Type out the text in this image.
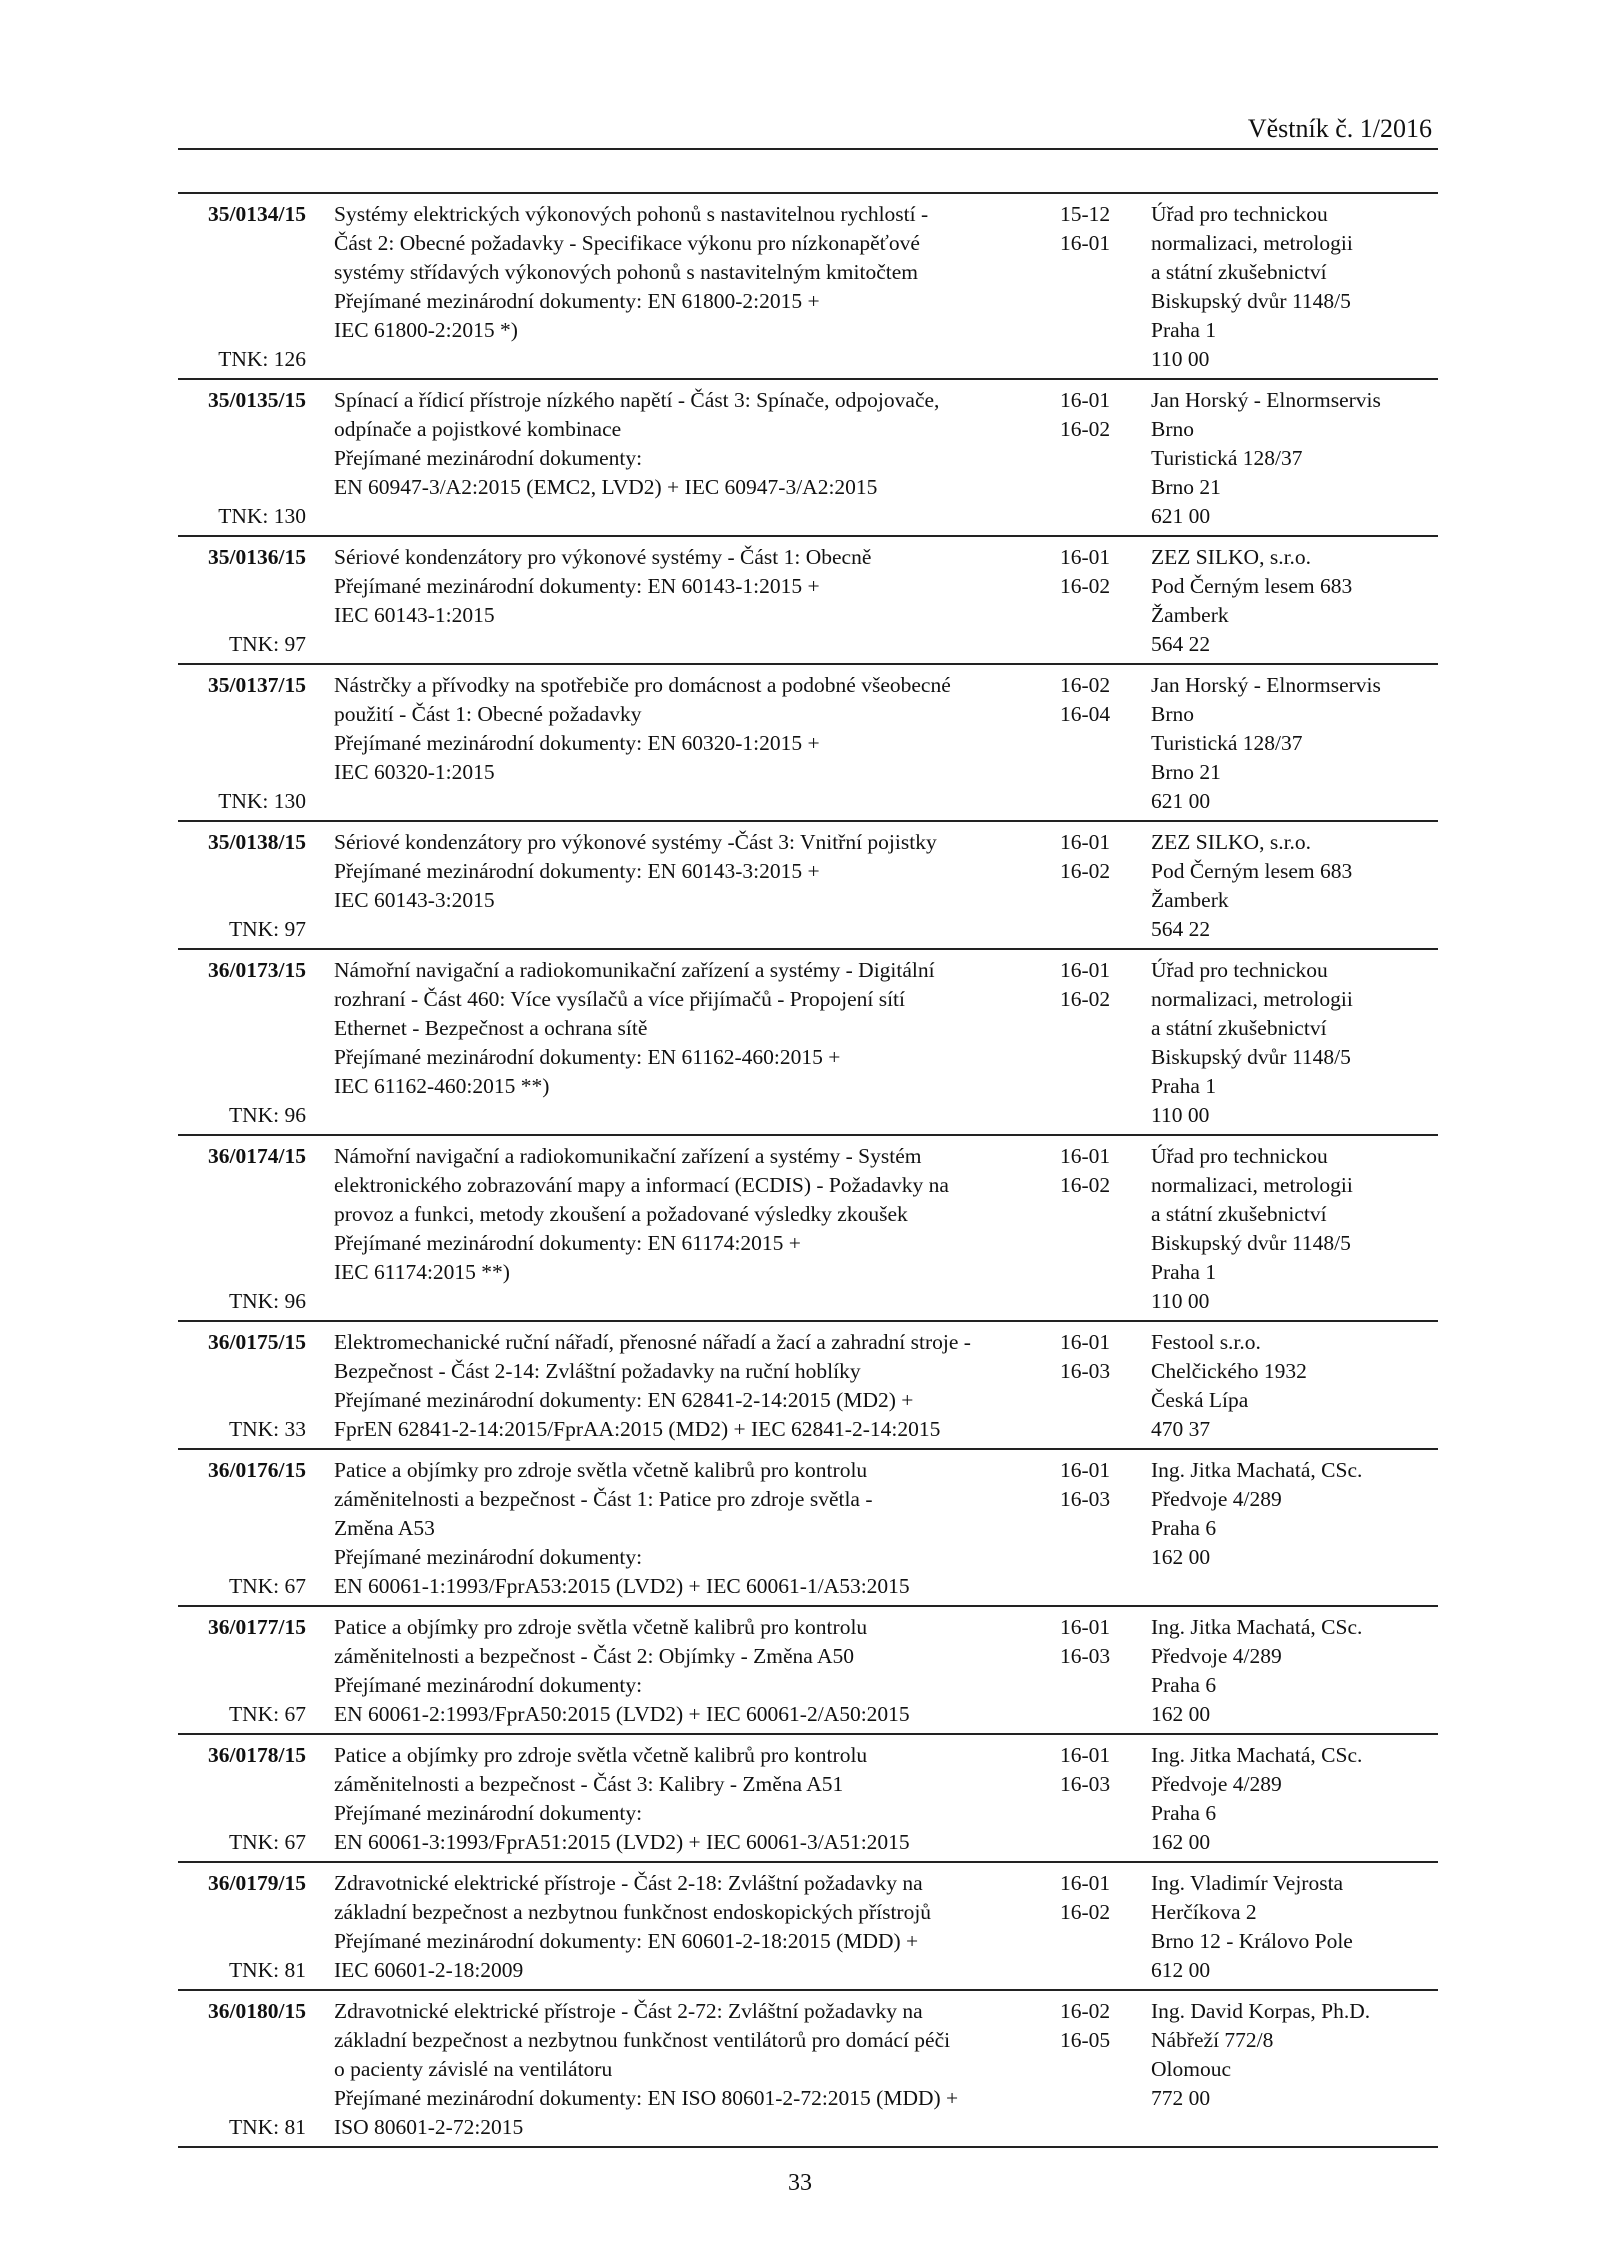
Věstník č. 1/2016
35/0134/15
TNK: 126
Systémy elektrických výkonových pohonů s nastavitelnou rychlostí -
Část 2: Obecné požadavky - Specifikace výkonu pro nízkonapěťové
systémy střídavých výkonových pohonů s nastavitelným kmitočtem
Přejímané mezinárodní dokumenty: EN 61800-2:2015 +
IEC 61800-2:2015 *)
15-12
16-01
Úřad pro technickou
normalizaci, metrologii
a státní zkušebnictví
Biskupský dvůr 1148/5
Praha 1
110 00
35/0135/15
TNK: 130
Spínací a řídicí přístroje nízkého napětí - Část 3: Spínače, odpojovače,
odpínače a pojistkové kombinace
Přejímané mezinárodní dokumenty:
EN 60947-3/A2:2015 (EMC2, LVD2) + IEC 60947-3/A2:2015
16-01
16-02
Jan Horský - Elnormservis
Brno
Turistická 128/37
Brno 21
621 00
35/0136/15
TNK: 97
Sériové kondenzátory pro výkonové systémy - Část 1: Obecně
Přejímané mezinárodní dokumenty: EN 60143-1:2015 +
IEC 60143-1:2015
16-01
16-02
ZEZ SILKO, s.r.o.
Pod Černým lesem 683
Žamberk
564 22
35/0137/15
TNK: 130
Nástrčky a přívodky na spotřebiče pro domácnost a podobné všeobecné
použití - Část 1: Obecné požadavky
Přejímané mezinárodní dokumenty: EN 60320-1:2015 +
IEC 60320-1:2015
16-02
16-04
Jan Horský - Elnormservis
Brno
Turistická 128/37
Brno 21
621 00
35/0138/15
TNK: 97
Sériové kondenzátory pro výkonové systémy -Část 3: Vnitřní pojistky
Přejímané mezinárodní dokumenty: EN 60143-3:2015 +
IEC 60143-3:2015
16-01
16-02
ZEZ SILKO, s.r.o.
Pod Černým lesem 683
Žamberk
564 22
36/0173/15
TNK: 96
Námořní navigační a radiokomunikační zařízení a systémy - Digitální
rozhraní - Část 460: Více vysílačů a více přijímačů - Propojení sítí
Ethernet - Bezpečnost a ochrana sítě
Přejímané mezinárodní dokumenty: EN 61162-460:2015 +
IEC 61162-460:2015 **)
16-01
16-02
Úřad pro technickou
normalizaci, metrologii
a státní zkušebnictví
Biskupský dvůr 1148/5
Praha 1
110 00
36/0174/15
TNK: 96
Námořní navigační a radiokomunikační zařízení a systémy - Systém
elektronického zobrazování mapy a informací (ECDIS) - Požadavky na
provoz a funkci, metody zkoušení a požadované výsledky zkoušek
Přejímané mezinárodní dokumenty: EN 61174:2015 +
IEC 61174:2015 **)
16-01
16-02
Úřad pro technickou
normalizaci, metrologii
a státní zkušebnictví
Biskupský dvůr 1148/5
Praha 1
110 00
36/0175/15
TNK: 33
Elektromechanické ruční nářadí, přenosné nářadí a žací a zahradní stroje -
Bezpečnost - Část 2-14: Zvláštní požadavky na ruční hoblíky
Přejímané mezinárodní dokumenty: EN 62841-2-14:2015 (MD2) +
FprEN 62841-2-14:2015/FprAA:2015 (MD2) + IEC 62841-2-14:2015
16-01
16-03
Festool s.r.o.
Chelčického 1932
Česká Lípa
470 37
36/0176/15
TNK: 67
Patice a objímky pro zdroje světla včetně kalibrů pro kontrolu
záměnitelnosti a bezpečnost - Část 1: Patice pro zdroje světla -
Změna A53
Přejímané mezinárodní dokumenty:
EN 60061-1:1993/FprA53:2015 (LVD2) + IEC 60061-1/A53:2015
16-01
16-03
Ing. Jitka Machatá, CSc.
Předvoje 4/289
Praha 6
162 00
36/0177/15
TNK: 67
Patice a objímky pro zdroje světla včetně kalibrů pro kontrolu
záměnitelnosti a bezpečnost - Část 2: Objímky - Změna A50
Přejímané mezinárodní dokumenty:
EN 60061-2:1993/FprA50:2015 (LVD2) + IEC 60061-2/A50:2015
16-01
16-03
Ing. Jitka Machatá, CSc.
Předvoje 4/289
Praha 6
162 00
36/0178/15
TNK: 67
Patice a objímky pro zdroje světla včetně kalibrů pro kontrolu
záměnitelnosti a bezpečnost - Část 3: Kalibry - Změna A51
Přejímané mezinárodní dokumenty:
EN 60061-3:1993/FprA51:2015 (LVD2) + IEC 60061-3/A51:2015
16-01
16-03
Ing. Jitka Machatá, CSc.
Předvoje 4/289
Praha 6
162 00
36/0179/15
TNK: 81
Zdravotnické elektrické přístroje - Část 2-18: Zvláštní požadavky na
základní bezpečnost a nezbytnou funkčnost endoskopických přístrojů
Přejímané mezinárodní dokumenty: EN 60601-2-18:2015 (MDD) +
IEC 60601-2-18:2009
16-01
16-02
Ing. Vladimír Vejrosta
Herčíkova 2
Brno 12 - Královo Pole
612 00
36/0180/15
TNK: 81
Zdravotnické elektrické přístroje - Část 2-72: Zvláštní požadavky na
základní bezpečnost a nezbytnou funkčnost ventilátorů pro domácí péči
o pacienty závislé na ventilátoru
Přejímané mezinárodní dokumenty: EN ISO 80601-2-72:2015 (MDD) +
ISO 80601-2-72:2015
16-02
16-05
Ing. David Korpas, Ph.D.
Nábřeží 772/8
Olomouc
772 00
33
